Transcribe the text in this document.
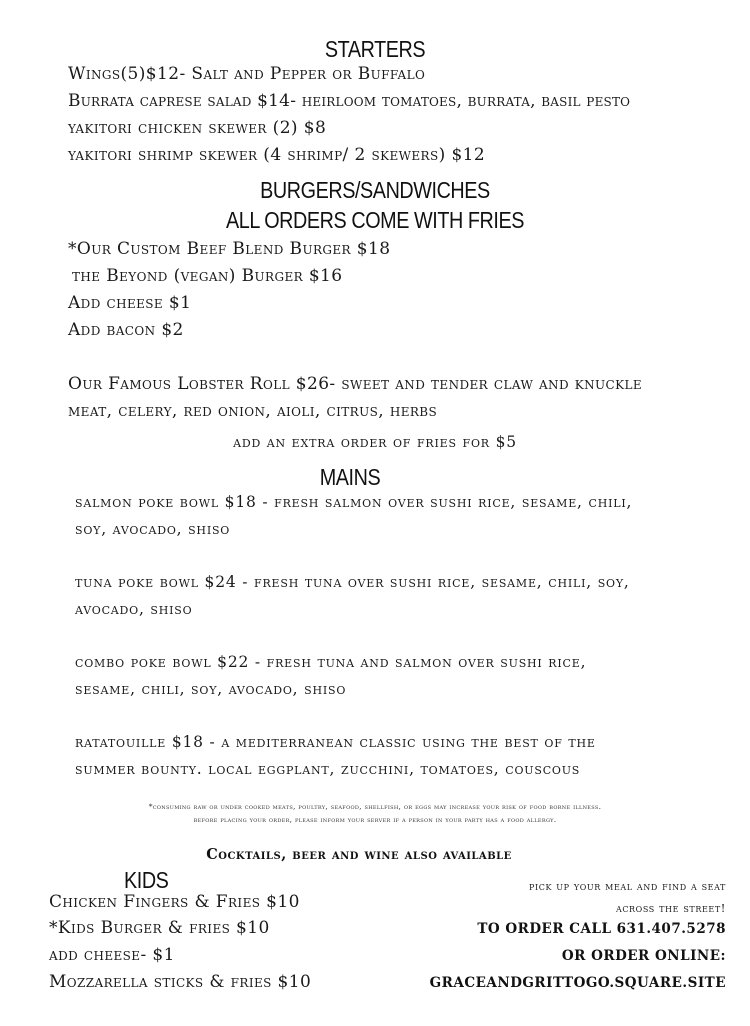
STARTERS
Wings(5)$12- Salt and Pepper or Buffalo
Burrata caprese salad $14- heirloom tomatoes, burrata, basil pesto
yakitori chicken skewer (2) $8
yakitori shrimp skewer (4 shrimp/ 2 skewers) $12
BURGERS/SANDWICHES
ALL ORDERS COME WITH FRIES
*Our Custom Beef Blend Burger $18
the Beyond (vegan) Burger $16
Add cheese $1
Add bacon $2
Our Famous Lobster Roll $26- sweet and tender claw and knuckle
meat, celery, red onion, aioli, citrus, herbs
add an extra order of fries for $5
MAINS
salmon poke bowl $18 - fresh salmon over sushi rice, sesame, chili,
soy, avocado, shiso
tuna poke bowl $24 - fresh tuna over sushi rice, sesame, chili, soy,
avocado, shiso
combo poke bowl $22 - fresh tuna and salmon over sushi rice,
sesame, chili, soy, avocado, shiso
ratatouille $18 - a mediterranean classic using the best of the
summer bounty. local eggplant, zucchini, tomatoes, couscous
*consuming raw or under cooked meats, poultry, seafood, shellfish, or eggs may increase your risk of food borne illness.
before placing your order, please inform your server if a person in your party has a food allergy.
Cocktails, beer and wine also available
KIDS
Chicken Fingers & Fries $10
*Kids Burger & fries $10
add cheese- $1
Mozzarella sticks & fries $10
pick up your meal and find a seat
across the street!
TO ORDER CALL 631.407.5278
OR ORDER ONLINE:
GRACEANDGRITTOGO.SQUARE.SITE
